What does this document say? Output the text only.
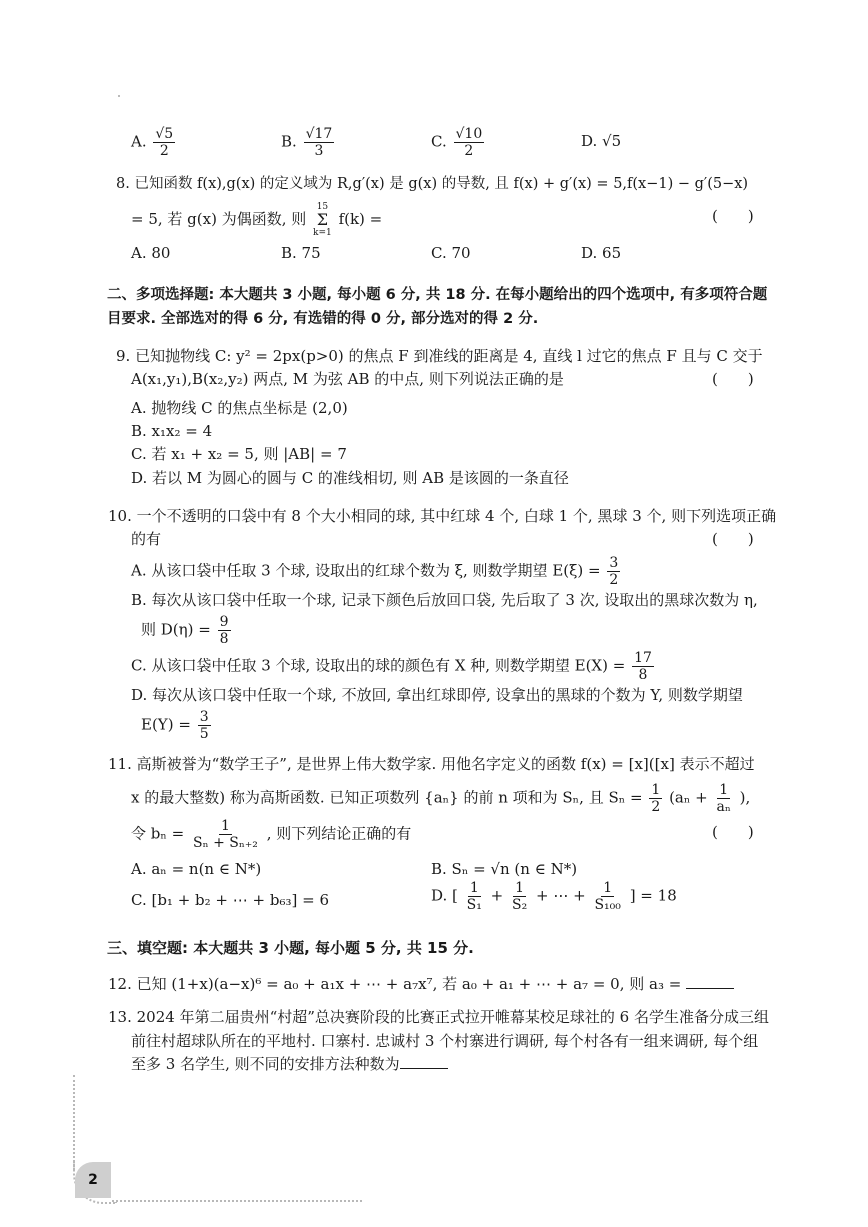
A. $\frac{√5}{2}$	B. $\frac{√17}{3}$	C. $\frac{√10}{2}$	D. √5
8. 已知函数 f(x),g(x) 的定义域为 R,g′(x) 是 g(x) 的导数, 且 f(x) + g′(x) = 5,f(x−1) − g′(5−x)
= 5, 若 g(x) 为偶函数, 则
15
Σ
k=1
f(k) =	(　　)
A. 80	B. 75	C. 70	D. 65
二、多项选择题: 本大题共 3 小题, 每小题 6 分, 共 18 分. 在每小题给出的四个选项中, 有多项符合题
目要求. 全部选对的得 6 分, 有选错的得 0 分, 部分选对的得 2 分.
9. 已知抛物线 C: y² = 2px(p>0) 的焦点 F 到准线的距离是 4, 直线 l 过它的焦点 F 且与 C 交于
A(x₁,y₁),B(x₂,y₂) 两点, M 为弦 AB 的中点, 则下列说法正确的是	(　　)
A. 抛物线 C 的焦点坐标是 (2,0)
B. x₁x₂ = 4
C. 若 x₁ + x₂ = 5, 则 |AB| = 7
D. 若以 M 为圆心的圆与 C 的准线相切, 则 AB 是该圆的一条直径
10. 一个不透明的口袋中有 8 个大小相同的球, 其中红球 4 个, 白球 1 个, 黑球 3 个, 则下列选项正确
的有	(　　)
A. 从该口袋中任取 3 个球, 设取出的红球个数为 ξ, 则数学期望 $E(\xi) = \frac{3}{2}$
B. 每次从该口袋中任取一个球, 记录下颜色后放回口袋, 先后取了 3 次, 设取出的黑球次数为 η,
则 $D(\eta) = \frac{9}{8}$
C. 从该口袋中任取 3 个球, 设取出的球的颜色有 X 种, 则数学期望 $E(X) = \frac{17}{8}$
D. 每次从该口袋中任取一个球, 不放回, 拿出红球即停, 设拿出的黑球的个数为 Y, 则数学期望
$E(Y) = \frac{3}{5}$
11. 高斯被誉为“数学王子”, 是世界上伟大数学家. 用他名字定义的函数 f(x) = [x]([x] 表示不超过
x 的最大整数) 称为高斯函数. 已知正项数列 {aₙ} 的前 n 项和为 Sₙ, 且 $S_n = \frac{1}{2} (a_n + \frac{1}{\text{aₙ}}$ ),
令 $b_n = \frac{1}{\text{Sₙ + Sₙ₊₂}}$ , 则下列结论正确的有	(　　)
A. aₙ = n(n ∈ N*)	B. Sₙ = √n (n ∈ N*)
C. [b₁ + b₂ + ⋯ + b₆₃] = 6	D. [ $\frac{1}{\text{S₁}} + \frac{1}{\text{S₂}}$ + ⋯ + $\frac{1}{\text{S₁₀₀}}$ ] = 18
三、填空题: 本大题共 3 小题, 每小题 5 分, 共 15 分.
12. 已知 (1+x)(a−x)⁶ = a₀ + a₁x + ⋯ + a₇x⁷, 若 a₀ + a₁ + ⋯ + a₇ = 0, 则 a₃ =
13. 2024 年第二届贵州“村超”总决赛阶段的比赛正式拉开帷幕某校足球社的 6 名学生准备分成三组
前往村超球队所在的平地村. 口寨村. 忠诚村 3 个村寨进行调研, 每个村各有一组来调研, 每个组
至多 3 名学生, 则不同的安排方法种数为
2
